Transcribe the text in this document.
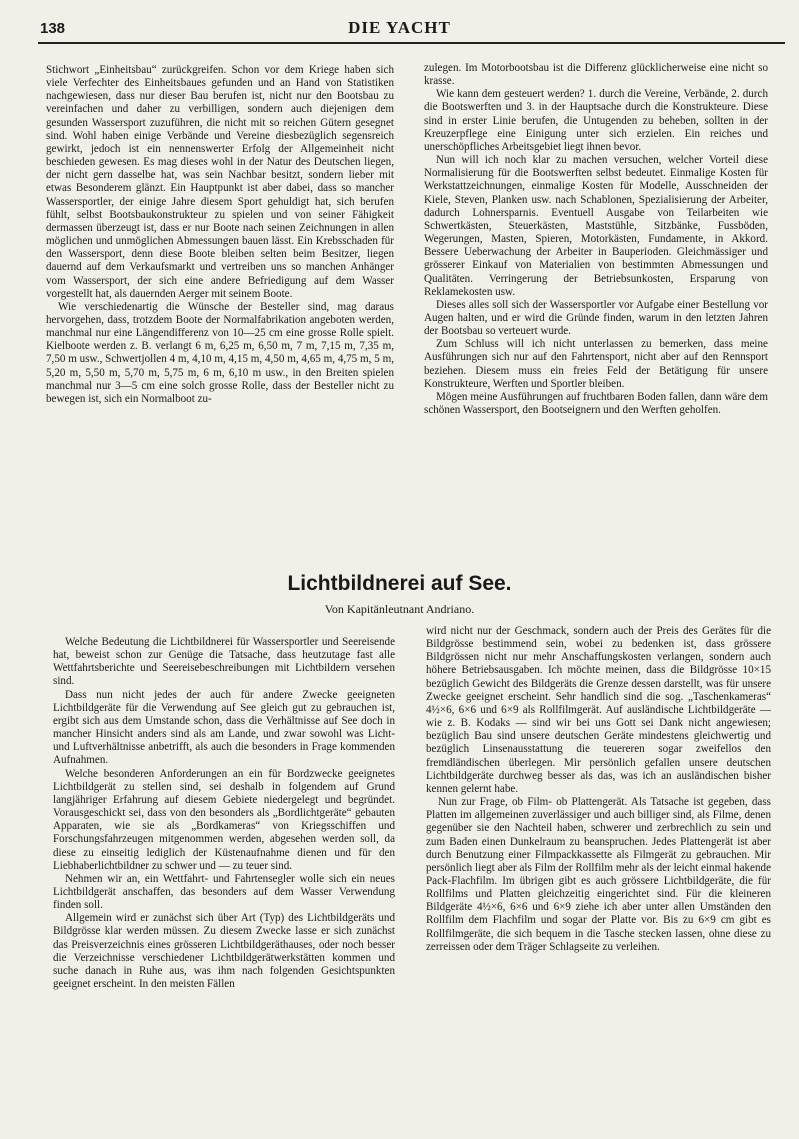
138	DIE YACHT

Stichwort „Einheitsbau“ zurückgreifen. Schon vor dem Kriege haben sich viele Verfechter des Einheitsbaues gefunden und an Hand von Statistiken nachgewiesen, dass nur dieser Bau berufen ist, nicht nur den Bootsbau zu vereinfachen und daher zu verbilligen, sondern auch diejenigen dem gesunden Wassersport zuzuführen, die nicht mit so reichen Gütern gesegnet sind. Wohl haben einige Verbände und Vereine diesbezüglich segensreich gewirkt, jedoch ist ein nennenswerter Erfolg der Allgemeinheit nicht beschieden gewesen. Es mag dieses wohl in der Natur des Deutschen liegen, der nicht gern dasselbe hat, was sein Nachbar besitzt, sondern lieber mit etwas Besonderem glänzt. Ein Hauptpunkt ist aber dabei, dass so mancher Wassersportler, der einige Jahre diesem Sport gehuldigt hat, sich berufen fühlt, selbst Bootsbaukonstrukteur zu spielen und von seiner Fähigkeit dermassen überzeugt ist, dass er nur Boote nach seinen Zeichnungen in allen möglichen und unmöglichen Abmessungen bauen lässt. Ein Krebsschaden für den Wassersport, denn diese Boote bleiben selten beim Besitzer, liegen dauernd auf dem Verkaufsmarkt und vertreiben uns so manchen Anhänger vom Wassersport, der sich eine andere Befriedigung auf dem Wasser vorgestellt hat, als dauernden Aerger mit seinem Boote.

Wie verschiedenartig die Wünsche der Besteller sind, mag daraus hervorgehen, dass, trotzdem Boote der Normalfabrikation angeboten werden, manchmal nur eine Längendifferenz von 10—25 cm eine grosse Rolle spielt. Kielboote werden z. B. verlangt 6 m, 6,25 m, 6,50 m, 7 m, 7,15 m, 7,35 m, 7,50 m usw., Schwertjollen 4 m, 4,10 m, 4,15 m, 4,50 m, 4,65 m, 4,75 m, 5 m, 5,20 m, 5,50 m, 5,70 m, 5,75 m, 6 m, 6,10 m usw., in den Breiten spielen manchmal nur 3—5 cm eine solch grosse Rolle, dass der Besteller nicht zu bewegen ist, sich ein Normalboot zu-

zulegen. Im Motorbootsbau ist die Differenz glücklicherweise eine nicht so krasse.

Wie kann dem gesteuert werden? 1. durch die Vereine, Verbände, 2. durch die Bootswerften und 3. in der Hauptsache durch die Konstrukteure. Diese sind in erster Linie berufen, die Untugenden zu beheben, sollten in der Kreuzerpflege eine Einigung unter sich erzielen. Ein reiches und unerschöpfliches Arbeitsgebiet liegt ihnen bevor.

Nun will ich noch klar zu machen versuchen, welcher Vorteil diese Normalisierung für die Bootswerften selbst bedeutet. Einmalige Kosten für Werkstattzeichnungen, einmalige Kosten für Modelle, Ausschneiden der Kiele, Steven, Planken usw. nach Schablonen, Spezialisierung der Arbeiter, dadurch Lohnersparnis. Eventuell Ausgabe von Teilarbeiten wie Schwertkästen, Steuerkästen, Maststühle, Sitzbänke, Fussböden, Wegerungen, Masten, Spieren, Motorkästen, Fundamente, in Akkord. Bessere Ueberwachung der Arbeiter in Bauperioden. Gleichmässiger und grösserer Einkauf von Materialien von bestimmten Abmessungen und Qualitäten. Verringerung der Betriebsunkosten, Ersparung von Reklamekosten usw.

Dieses alles soll sich der Wassersportler vor Aufgabe einer Bestellung vor Augen halten, und er wird die Gründe finden, warum in den letzten Jahren der Bootsbau so verteuert wurde.

Zum Schluss will ich nicht unterlassen zu bemerken, dass meine Ausführungen sich nur auf den Fahrtensport, nicht aber auf den Rennsport beziehen. Diesem muss ein freies Feld der Betätigung für unsere Konstrukteure, Werften und Sportler bleiben.

Mögen meine Ausführungen auf fruchtbaren Boden fallen, dann wäre dem schönen Wassersport, den Bootseignern und den Werften geholfen.

Lichtbildnerei auf See.
Von Kapitänleutnant Andriano.

Welche Bedeutung die Lichtbildnerei für Wassersportler und Seereisende hat, beweist schon zur Genüge die Tatsache, dass heutzutage fast alle Wettfahrtsberichte und Seereisebeschreibungen mit Lichtbildern versehen sind.

Dass nun nicht jedes der auch für andere Zwecke geeigneten Lichtbildgeräte für die Verwendung auf See gleich gut zu gebrauchen ist, ergibt sich aus dem Umstande schon, dass die Verhältnisse auf See doch in mancher Hinsicht anders sind als am Lande, und zwar sowohl was Licht- und Luftverhältnisse anbetrifft, als auch die besonders in Frage kommenden Aufnahmen.

Welche besonderen Anforderungen an ein für Bordzwecke geeignetes Lichtbildgerät zu stellen sind, sei deshalb in folgendem auf Grund langjähriger Erfahrung auf diesem Gebiete niedergelegt und begründet. Vorausgeschickt sei, dass von den besonders als „Bordlichtgeräte“ gebauten Apparaten, wie sie als „Bordkameras“ von Kriegsschiffen und Forschungsfahrzeugen mitgenommen werden, abgesehen werden soll, da diese zu einseitig lediglich der Küstenaufnahme dienen und für den Liebhaberlichtbildner zu schwer und — zu teuer sind.

Nehmen wir an, ein Wettfahrt- und Fahrtensegler wolle sich ein neues Lichtbildgerät anschaffen, das besonders auf dem Wasser Verwendung finden soll.

Allgemein wird er zunächst sich über Art (Typ) des Lichtbildgeräts und Bildgrösse klar werden müssen. Zu diesem Zwecke lasse er sich zunächst das Preisverzeichnis eines grösseren Lichtbildgeräthauses, oder noch besser die Verzeichnisse verschiedener Lichtbildgerätwerkstätten kommen und suche danach in Ruhe aus, was ihm nach folgenden Gesichtspunkten geeignet erscheint. In den meisten Fällen

wird nicht nur der Geschmack, sondern auch der Preis des Gerätes für die Bildgrösse bestimmend sein, wobei zu bedenken ist, dass grössere Bildgrössen nicht nur mehr Anschaffungskosten verlangen, sondern auch höhere Betriebsausgaben. Ich möchte meinen, dass die Bildgrösse 10×15 bezüglich Gewicht des Bildgeräts die Grenze dessen darstellt, was für unsere Zwecke geeignet erscheint. Sehr handlich sind die sog. „Taschenkameras“ 4½×6, 6×6 und 6×9 als Rollfilmgerät. Auf ausländische Lichtbildgeräte — wie z. B. Kodaks — sind wir bei uns Gott sei Dank nicht angewiesen; bezüglich Bau sind unsere deutschen Geräte mindestens gleichwertig und bezüglich Linsenausstattung die teuereren sogar zweifellos den fremdländischen überlegen. Mir persönlich gefallen unsere deutschen Lichtbildgeräte durchweg besser als das, was ich an ausländischen bisher kennen gelernt habe.

Nun zur Frage, ob Film- ob Plattengerät. Als Tatsache ist gegeben, dass Platten im allgemeinen zuverlässiger und auch billiger sind, als Filme, denen gegenüber sie den Nachteil haben, schwerer und zerbrechlich zu sein und zum Baden einen Dunkelraum zu beanspruchen. Jedes Plattengerät ist aber durch Benutzung einer Filmpackkassette als Filmgerät zu gebrauchen. Mir persönlich liegt aber als Film der Rollfilm mehr als der leicht einmal hakende Pack-Flachfilm. Im übrigen gibt es auch grössere Lichtbildgeräte, die für Rollfilms und Platten gleichzeitig eingerichtet sind. Für die kleineren Bildgeräte 4½×6, 6×6 und 6×9 ziehe ich aber unter allen Umständen den Rollfilm dem Flachfilm und sogar der Platte vor. Bis zu 6×9 cm gibt es Rollfilmgeräte, die sich bequem in die Tasche stecken lassen, ohne diese zu zerreissen oder dem Träger Schlagseite zu verleihen.
